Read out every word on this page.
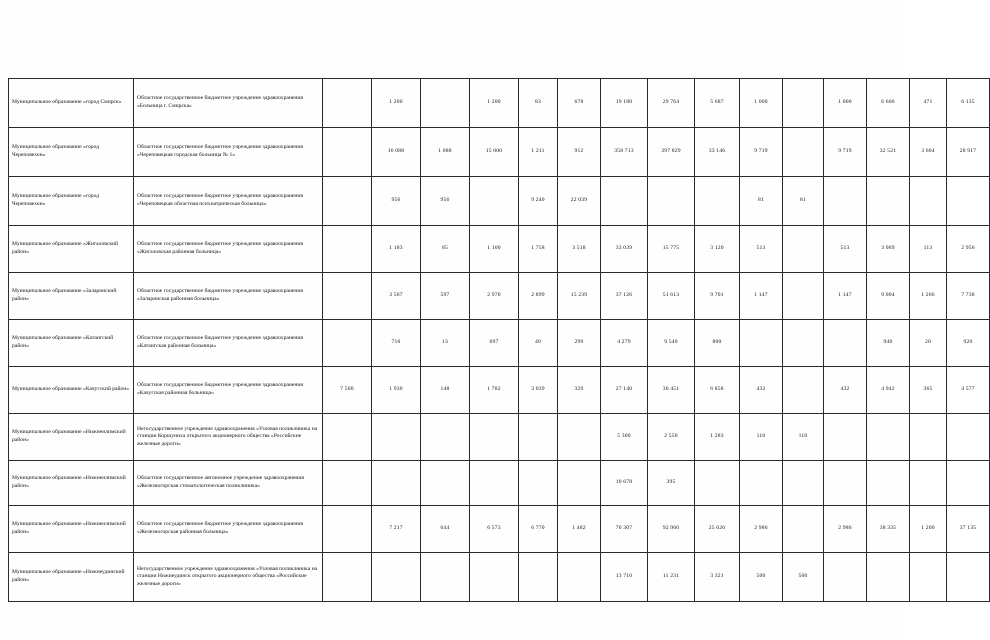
Муниципальное образование «город Смирск»	Областное государственное бюджетное учреждение здравоохранения «Больница г. Смирска»		1 200		1 200	83	678	19 180	29 764	5 687	1 000		1 000	6 606	471	6 135
Муниципальное образование «город Череповехон»	Областное государственное бюджетное учреждение здравоохранения «Череповецкая городская больница № 1»		16 088	1 088	15 000	1 211	912	358 713	397 829	33 146	9 719		9 719	32 521	3 604	28 917
Муниципальное образование «город Череповехон»	Областное государственное бюджетное учреждение здравоохранения «Череповецкая областная психиатрическая больница»		956	956		9 240	22 039				81	81				
Муниципальное образование «Жигаловский район»	Областное государственное бюджетное учреждение здравоохранения «Жигаловская районная больница»		1 183	85	1 100	1 758	3 518	33 039	15 775	3 120	513		513	3 069	113	2 956
Муниципальное образование «Заларинский район»	Областное государственное бюджетное учреждение здравоохранения «Заларинская районная больница»		3 567	597	2 970	2 899	15 239	37 126	51 613	9 701	1 147		1 147	9 004	1 266	7 738
Муниципальное образование «Катангский район»	Областное государственное бюджетное учреждение здравоохранения «Катангская районная больница»		710	13	697	40	299	4 279	9 540	800				940	20	920
Муниципальное образование «Качугский район»	Областное государственное бюджетное учреждение здравоохранения «Качугская районная больница»	7 500	1 930	148	1 782	3 039	329	27 140	30 451	6 858	432		432	4 942	365	4 577
Муниципальное образование «Нижнеилимский район»	Негосударственное учреждение здравоохранения «Узловая поликлиника на станции Коршуниха открытого акционерного общества «Российские железные дороги»							5 300	2 550	1 283	110	110				
Муниципальное образование «Нижнеилимский район»	Областное государственное автономное учреждение здравоохранения «Железногорская стоматологическая поликлиника»							10 678	395							
Муниципальное образование «Нижнеилимский район»	Областное государственное бюджетное учреждение здравоохранения «Железногорская районная больница»		7 217	644	6 573	6 770	1 482	70 307	92 960	25 626	2 986		2 986	38 335	1 200	37 135
Муниципальное образование «Нижнеудинский район»	Негосударственное учреждение здравоохранения «Узловая поликлиника на станции Нижнеудинск открытого акционерного общества «Российские железные дороги»							13 710	11 231	3 321	500	500				
